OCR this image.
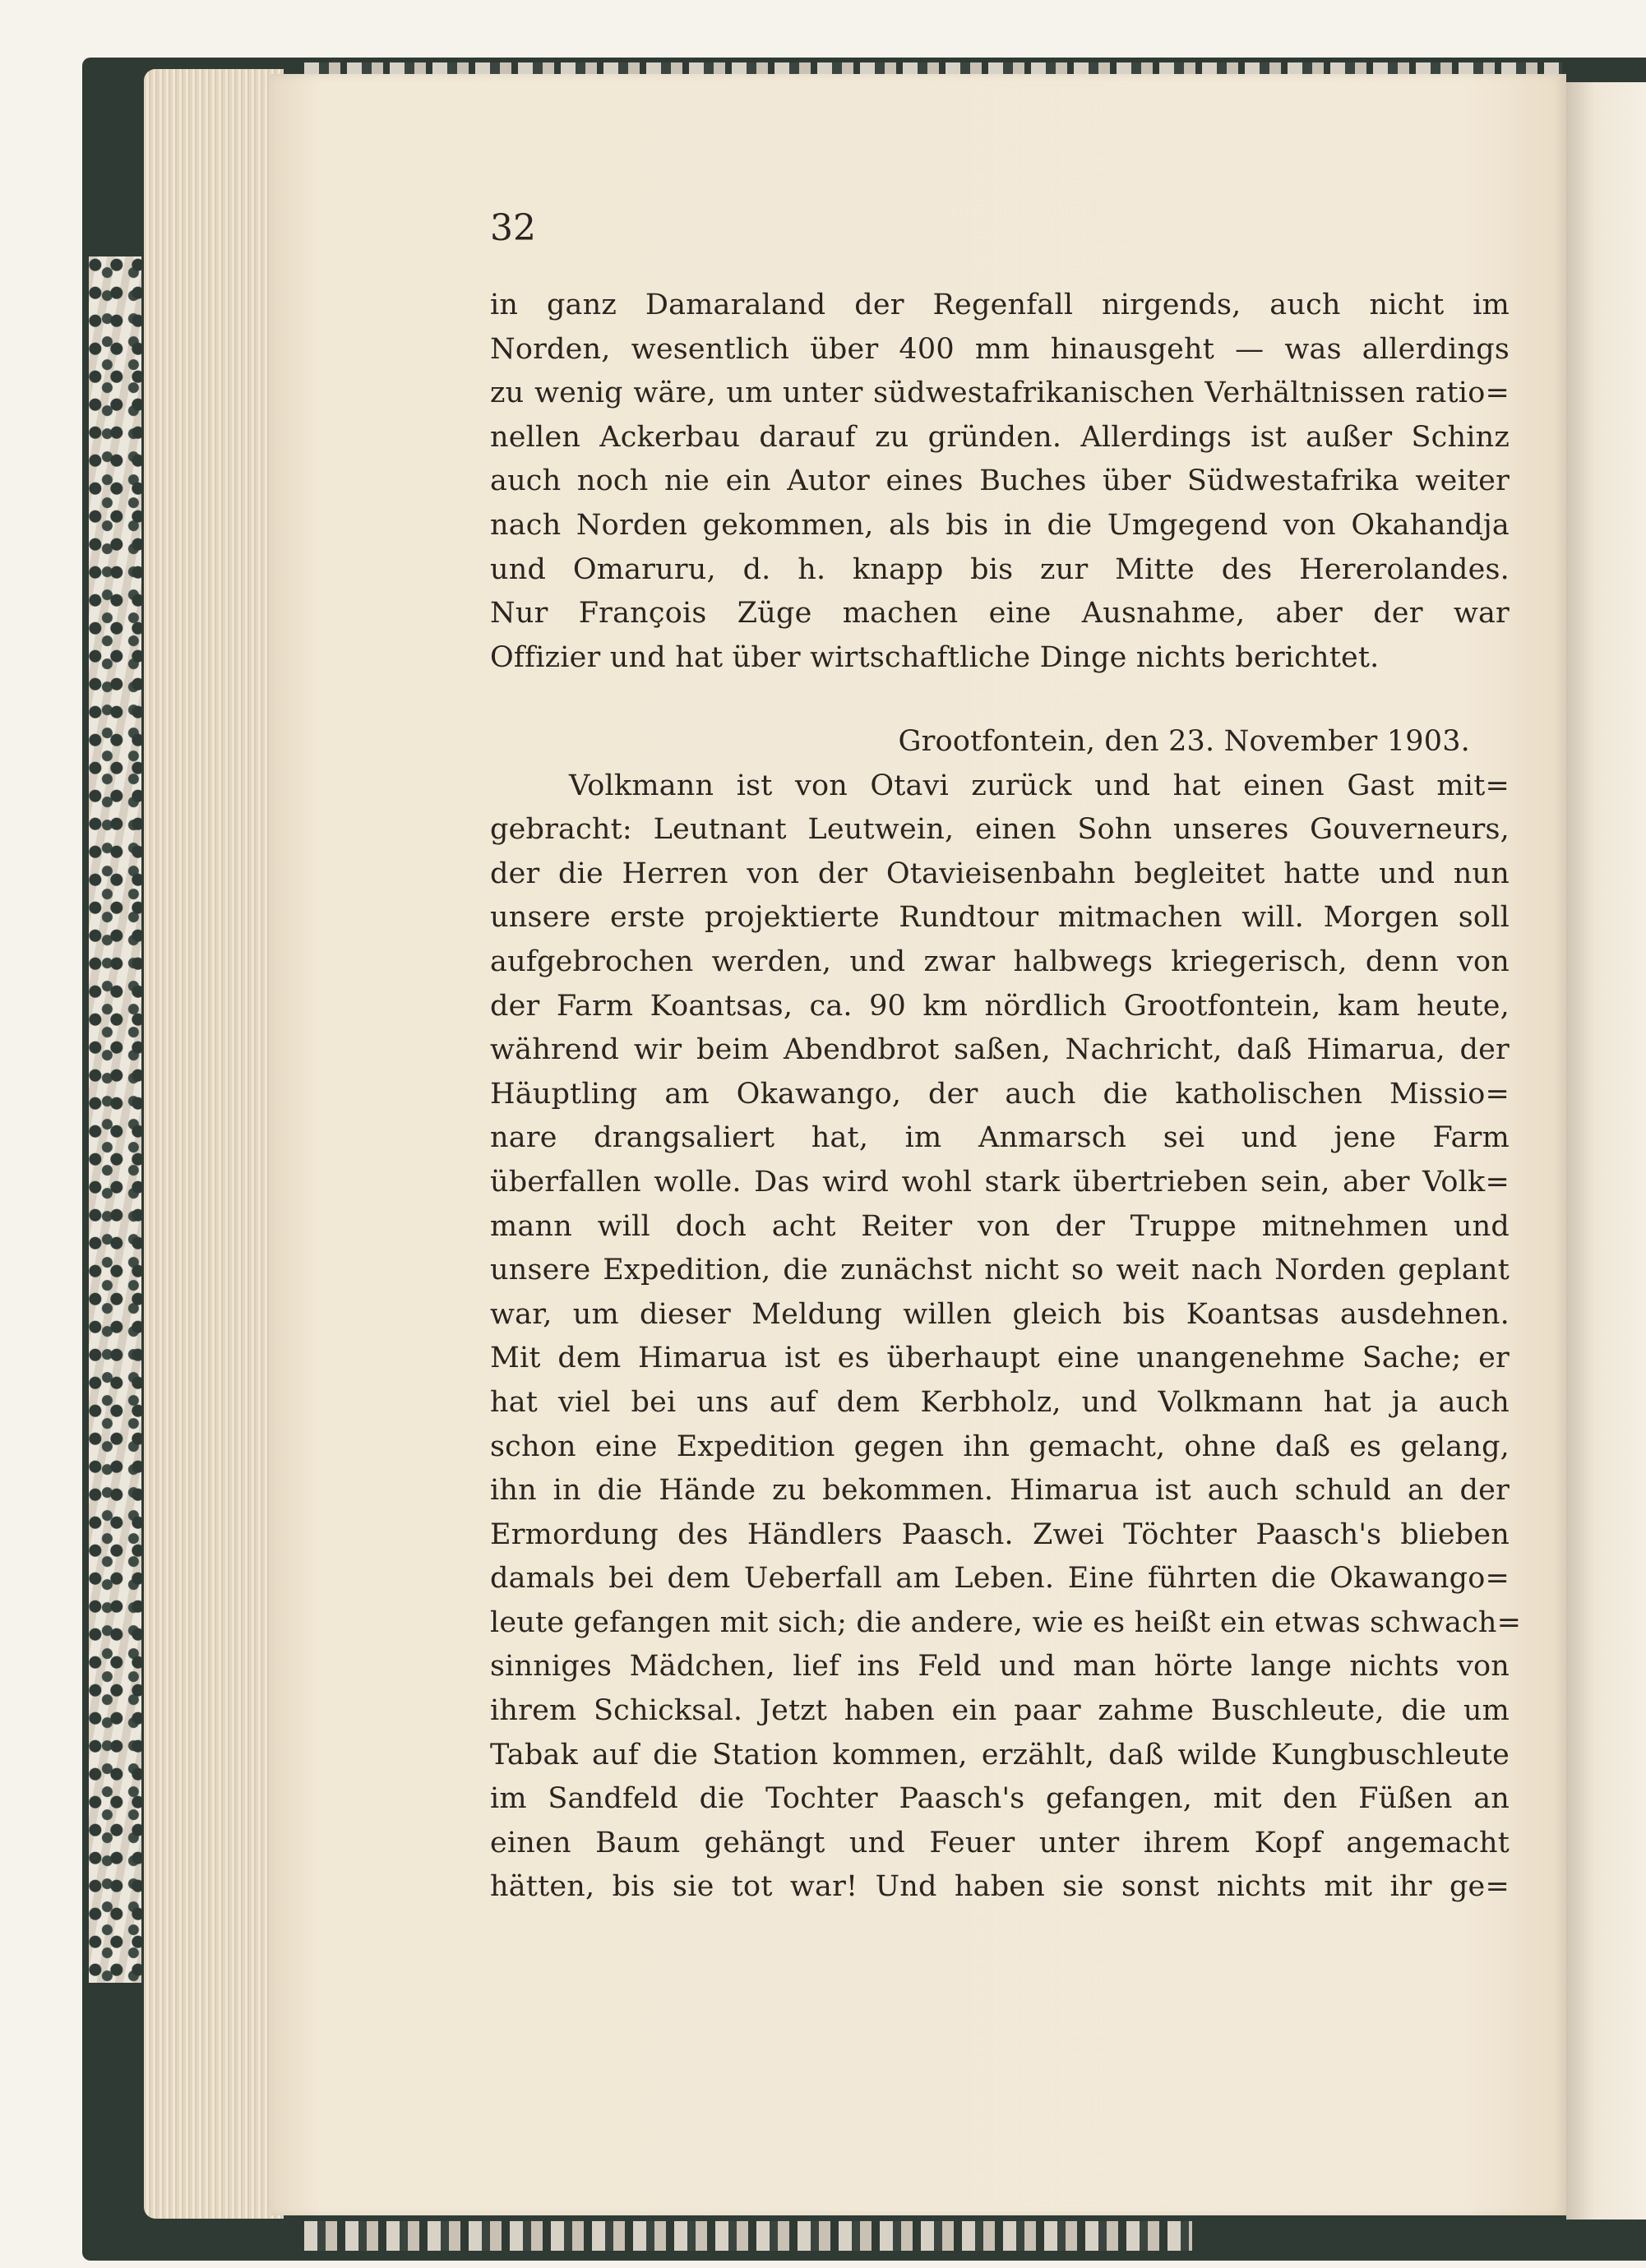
32
in ganz Damaraland der Regenfall nirgends, auch nicht im
Norden, wesentlich über 400 mm hinausgeht — was allerdings
zu wenig wäre, um unter südwestafrikanischen Verhältnissen ratio=
nellen Ackerbau darauf zu gründen. Allerdings ist außer Schinz
auch noch nie ein Autor eines Buches über Südwestafrika weiter
nach Norden gekommen, als bis in die Umgegend von Okahandja
und Omaruru, d. h. knapp bis zur Mitte des Hererolandes.
Nur François Züge machen eine Ausnahme, aber der war
Offizier und hat über wirtschaftliche Dinge nichts berichtet.
Grootfontein, den 23. November 1903.
Volkmann ist von Otavi zurück und hat einen Gast mit=
gebracht: Leutnant Leutwein, einen Sohn unseres Gouverneurs,
der die Herren von der Otavieisenbahn begleitet hatte und nun
unsere erste projektierte Rundtour mitmachen will. Morgen soll
aufgebrochen werden, und zwar halbwegs kriegerisch, denn von
der Farm Koantsas, ca. 90 km nördlich Grootfontein, kam heute,
während wir beim Abendbrot saßen, Nachricht, daß Himarua, der
Häuptling am Okawango, der auch die katholischen Missio=
nare drangsaliert hat, im Anmarsch sei und jene Farm
überfallen wolle. Das wird wohl stark übertrieben sein, aber Volk=
mann will doch acht Reiter von der Truppe mitnehmen und
unsere Expedition, die zunächst nicht so weit nach Norden geplant
war, um dieser Meldung willen gleich bis Koantsas ausdehnen.
Mit dem Himarua ist es überhaupt eine unangenehme Sache; er
hat viel bei uns auf dem Kerbholz, und Volkmann hat ja auch
schon eine Expedition gegen ihn gemacht, ohne daß es gelang,
ihn in die Hände zu bekommen. Himarua ist auch schuld an der
Ermordung des Händlers Paasch. Zwei Töchter Paasch's blieben
damals bei dem Ueberfall am Leben. Eine führten die Okawango=
leute gefangen mit sich; die andere, wie es heißt ein etwas schwach=
sinniges Mädchen, lief ins Feld und man hörte lange nichts von
ihrem Schicksal. Jetzt haben ein paar zahme Buschleute, die um
Tabak auf die Station kommen, erzählt, daß wilde Kungbuschleute
im Sandfeld die Tochter Paasch's gefangen, mit den Füßen an
einen Baum gehängt und Feuer unter ihrem Kopf angemacht
hätten, bis sie tot war! Und haben sie sonst nichts mit ihr ge=
